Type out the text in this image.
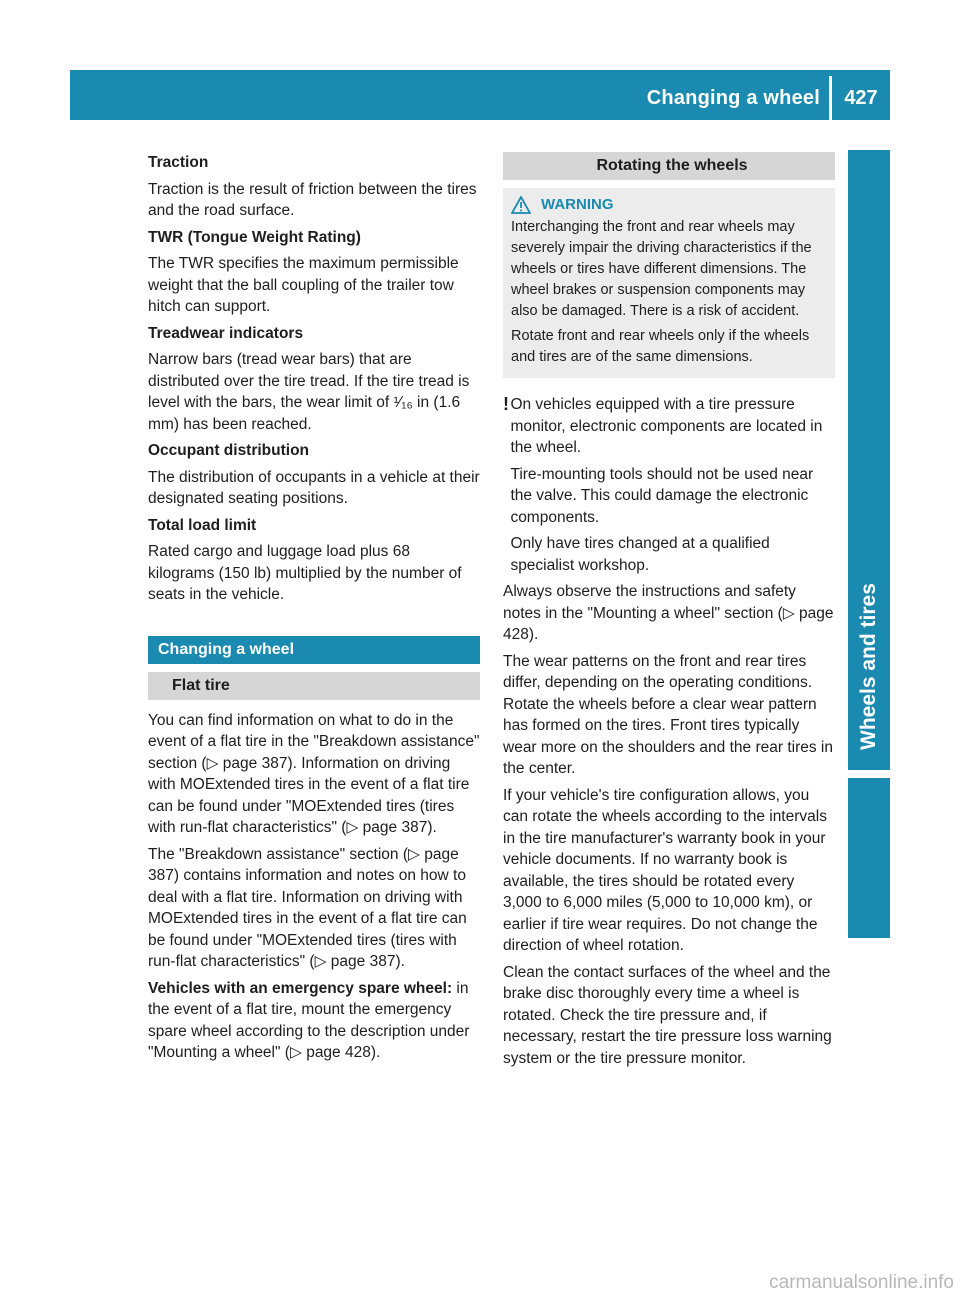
Changing a wheel	427
Wheels and tires

Traction

Traction is the result of friction between the tires and the road surface.

TWR (Tongue Weight Rating)

The TWR specifies the maximum permissible weight that the ball coupling of the trailer tow hitch can support.

Treadwear indicators

Narrow bars (tread wear bars) that are distributed over the tire tread. If the tire tread is level with the bars, the wear limit of ¹⁄₁₆ in (1.6 mm) has been reached.

Occupant distribution

The distribution of occupants in a vehicle at their designated seating positions.

Total load limit

Rated cargo and luggage load plus 68 kilograms (150 lb) multiplied by the number of seats in the vehicle.

Changing a wheel
Flat tire

You can find information on what to do in the event of a flat tire in the "Breakdown assistance" section (▷ page 387). Information on driving with MOExtended tires in the event of a flat tire can be found under "MOExtended tires (tires with run-flat characteristics" (▷ page 387).

The "Breakdown assistance" section (▷ page 387) contains information and notes on how to deal with a flat tire. Information on driving with MOExtended tires in the event of a flat tire can be found under "MOExtended tires (tires with run-flat characteristics" (▷ page 387).

Vehicles with an emergency spare wheel: in the event of a flat tire, mount the emergency spare wheel according to the description under "Mounting a wheel" (▷ page 428).

Rotating the wheels
WARNING

Interchanging the front and rear wheels may severely impair the driving characteristics if the wheels or tires have different dimensions. The wheel brakes or suspension components may also be damaged. There is a risk of accident.

Rotate front and rear wheels only if the wheels and tires are of the same dimensions.

! On vehicles equipped with a tire pressure monitor, electronic components are located in the wheel.

Tire-mounting tools should not be used near the valve. This could damage the electronic components.

Only have tires changed at a qualified specialist workshop.

Always observe the instructions and safety notes in the "Mounting a wheel" section (▷ page 428).

The wear patterns on the front and rear tires differ, depending on the operating conditions. Rotate the wheels before a clear wear pattern has formed on the tires. Front tires typically wear more on the shoulders and the rear tires in the center.

If your vehicle's tire configuration allows, you can rotate the wheels according to the intervals in the tire manufacturer's warranty book in your vehicle documents. If no warranty book is available, the tires should be rotated every 3,000 to 6,000 miles (5,000 to 10,000 km), or earlier if tire wear requires. Do not change the direction of wheel rotation.

Clean the contact surfaces of the wheel and the brake disc thoroughly every time a wheel is rotated. Check the tire pressure and, if necessary, restart the tire pressure loss warning system or the tire pressure monitor.

carmanualsonline.info
